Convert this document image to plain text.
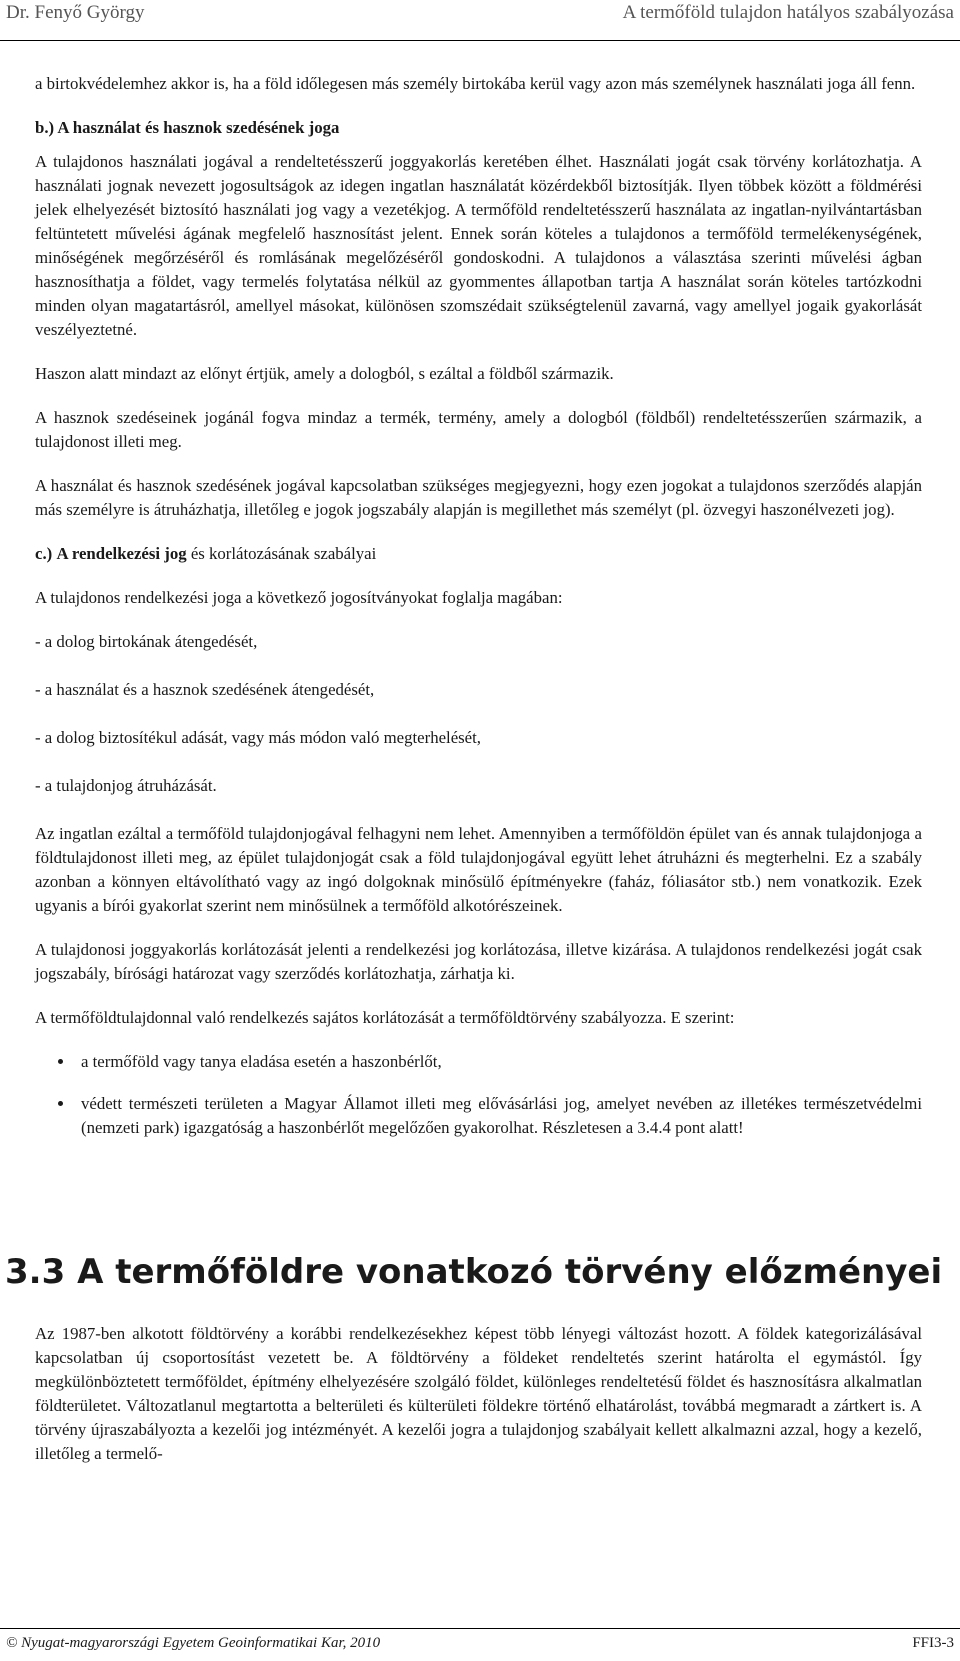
Dr. Fenyő György	A termőföld tulajdon hatályos szabályozása

a birtokvédelemhez akkor is, ha a föld időlegesen más személy birtokába kerül vagy azon más személynek használati joga áll fenn.

b.) A használat és hasznok szedésének joga

A tulajdonos használati jogával a rendeltetésszerű joggyakorlás keretében élhet. Használati jogát csak törvény korlátozhatja. A használati jognak nevezett jogosultságok az idegen ingatlan használatát közérdekből biztosítják. Ilyen többek között a földmérési jelek elhelyezését biztosító használati jog vagy a vezetékjog. A termőföld rendeltetésszerű használata az ingatlan-nyilvántartásban feltüntetett művelési ágának megfelelő hasznosítást jelent. Ennek során köteles a tulajdonos a termőföld termelékenységének, minőségének megőrzéséről és romlásának megelőzéséről gondoskodni. A tulajdonos a választása szerinti művelési ágban hasznosíthatja a földet, vagy termelés folytatása nélkül az gyommentes állapotban tartja A használat során köteles tartózkodni minden olyan magatartásról, amellyel másokat, különösen szomszédait szükségtelenül zavarná, vagy amellyel jogaik gyakorlását veszélyeztetné.

Haszon alatt mindazt az előnyt értjük, amely a dologból, s ezáltal a földből származik.

A hasznok szedéseinek jogánál fogva mindaz a termék, termény, amely a dologból (földből) rendeltetésszerűen származik, a tulajdonost illeti meg.

A használat és hasznok szedésének jogával kapcsolatban szükséges megjegyezni, hogy ezen jogokat a tulajdonos szerződés alapján más személyre is átruházhatja, illetőleg e jogok jogszabály alapján is megillethet más személyt (pl. özvegyi haszonélvezeti jog).

c.) A rendelkezési jog és korlátozásának szabályai

A tulajdonos rendelkezési joga a következő jogosítványokat foglalja magában:

- a dolog birtokának átengedését,

- a használat és a hasznok szedésének átengedését,

- a dolog biztosítékul adását, vagy más módon való megterhelését,

- a tulajdonjog átruházását.

Az ingatlan ezáltal a termőföld tulajdonjogával felhagyni nem lehet. Amennyiben a termőföldön épület van és annak tulajdonjoga a földtulajdonost illeti meg, az épület tulajdonjogát csak a föld tulajdonjogával együtt lehet átruházni és megterhelni. Ez a szabály azonban a könnyen eltávolítható vagy az ingó dolgoknak minősülő építményekre (faház, fóliasátor stb.) nem vonatkozik. Ezek ugyanis a bírói gyakorlat szerint nem minősülnek a termőföld alkotórészeinek.

A tulajdonosi joggyakorlás korlátozását jelenti a rendelkezési jog korlátozása, illetve kizárása. A tulajdonos rendelkezési jogát csak jogszabály, bírósági határozat vagy szerződés korlátozhatja, zárhatja ki.

A termőföldtulajdonnal való rendelkezés sajátos korlátozását a termőföldtörvény szabályozza. E szerint:

• a termőföld vagy tanya eladása esetén a haszonbérlőt,
• védett természeti területen a Magyar Államot illeti meg elővásárlási jog, amelyet nevében az illetékes természetvédelmi (nemzeti park) igazgatóság a haszonbérlőt megelőzően gyakorolhat. Részletesen a 3.4.4 pont alatt!
3.3 A termőföldre vonatkozó törvény előzményei
Az 1987-ben alkotott földtörvény a korábbi rendelkezésekhez képest több lényegi változást hozott. A földek kategorizálásával kapcsolatban új csoportosítást vezetett be. A földtörvény a földeket rendeltetés szerint határolta el egymástól. Így megkülönböztetett termőföldet, építmény elhelyezésére szolgáló földet, különleges rendeltetésű földet és hasznosításra alkalmatlan földterületet. Változatlanul megtartotta a belterületi és külterületi földekre történő elhatárolást, továbbá megmaradt a zártkert is. A törvény újraszabályozta a kezelői jog intézményét. A kezelői jogra a tulajdonjog szabályait kellett alkalmazni azzal, hogy a kezelő, illetőleg a termelő-
© Nyugat-magyarországi Egyetem Geoinformatikai Kar, 2010	FFI3-3
